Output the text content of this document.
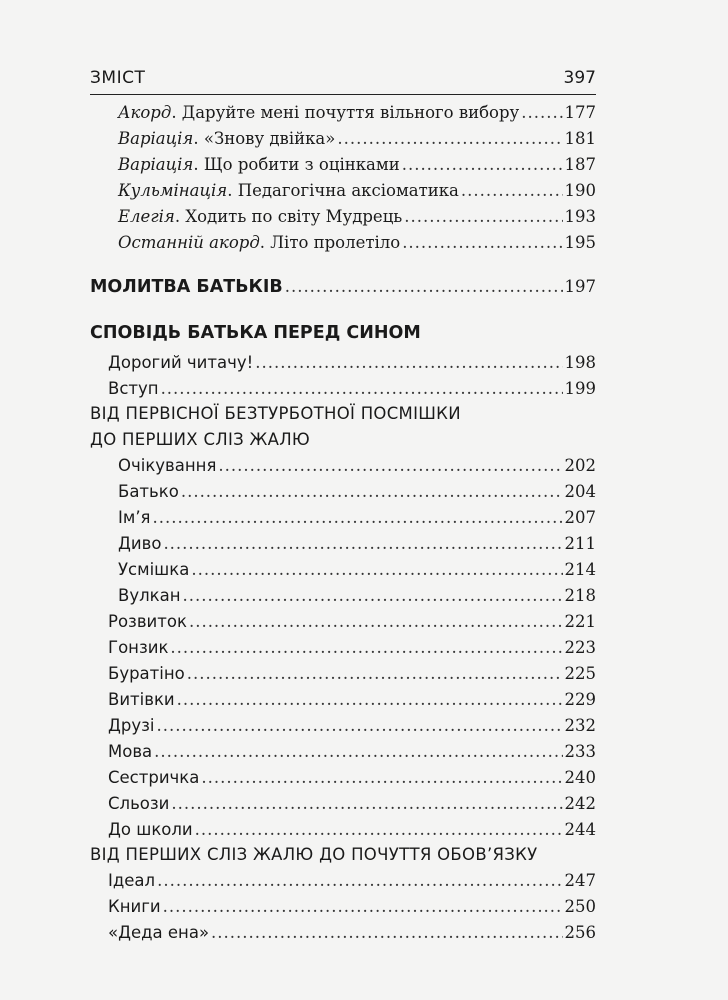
ЗМІСТ	397
Акорд. Даруйте мені почуття вільного вибору .....	177
Варіація. «Знову двійка» .....	181
Варіація. Що робити з оцінками .....	187
Кульмінація. Педагогічна аксіоматика .....	190
Елегія. Ходить по світу Мудрець .....	193
Останній акорд. Літо пролетіло .....	195
МОЛИТВА БАТЬКІВ .....	197
СПОВІДЬ БАТЬКА ПЕРЕД СИНОМ
Дорогий читачу! .....	198
Вступ .....	199
ВІД ПЕРВІСНОЇ БЕЗТУРБОТНОЇ ПОСМІШКИ
ДО ПЕРШИХ СЛІЗ ЖАЛЮ
Очікування .....	202
Батько .....	204
Ім’я .....	207
Диво .....	211
Усмішка .....	214
Вулкан .....	218
Розвиток .....	221
Гонзик .....	223
Буратіно .....	225
Витівки .....	229
Друзі .....	232
Мова .....	233
Сестричка .....	240
Сльози .....	242
До школи .....	244
ВІД ПЕРШИХ СЛІЗ ЖАЛЮ ДО ПОЧУТТЯ ОБОВ’ЯЗКУ
Ідеал .....	247
Книги .....	250
«Деда ена» .....	256
